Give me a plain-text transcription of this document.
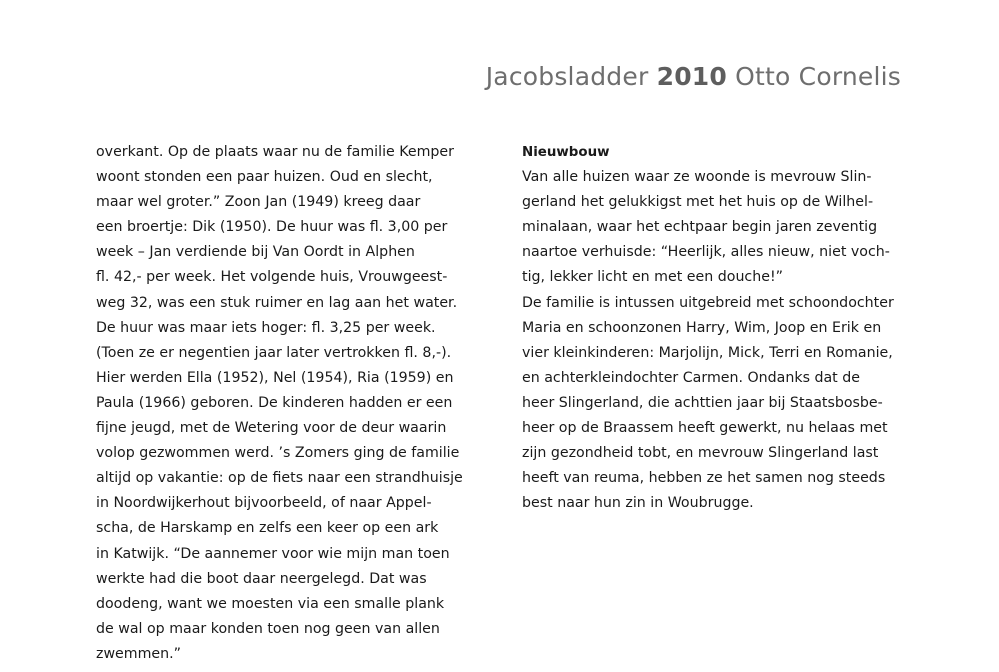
Jacobsladder 2010 Otto Cornelis
overkant. Op de plaats waar nu de familie Kemper
woont stonden een paar huizen. Oud en slecht,
maar wel groter.” Zoon Jan (1949) kreeg daar
een broertje: Dik (1950). De huur was fl. 3,00 per
week – Jan verdiende bij Van Oordt in Alphen
fl. 42,- per week. Het volgende huis, Vrouwgeest-
weg 32, was een stuk ruimer en lag aan het water.
De huur was maar iets hoger: fl. 3,25 per week.
(Toen ze er negentien jaar later vertrokken fl. 8,-).
Hier werden Ella (1952), Nel (1954), Ria (1959) en
Paula (1966) geboren. De kinderen hadden er een
fijne jeugd, met de Wetering voor de deur waarin
volop gezwommen werd. ’s Zomers ging de familie
altijd op vakantie: op de fiets naar een strandhuisje
in Noordwijkerhout bijvoorbeeld, of naar Appel-
scha, de Harskamp en zelfs een keer op een ark
in Katwijk. “De aannemer voor wie mijn man toen
werkte had die boot daar neergelegd. Dat was
doodeng, want we moesten via een smalle plank
de wal op maar konden toen nog geen van allen
zwemmen.”
Nieuwbouw
Van alle huizen waar ze woonde is mevrouw Slin-
gerland het gelukkigst met het huis op de Wilhel-
minalaan, waar het echtpaar begin jaren zeventig
naartoe verhuisde: “Heerlijk, alles nieuw, niet voch-
tig, lekker licht en met een douche!”
De familie is intussen uitgebreid met schoondochter
Maria en schoonzonen Harry, Wim, Joop en Erik en
vier kleinkinderen: Marjolijn, Mick, Terri en Romanie,
en achterkleindochter Carmen. Ondanks dat de
heer Slingerland, die achttien jaar bij Staatsbosbe-
heer op de Braassem heeft gewerkt, nu helaas met
zijn gezondheid tobt, en mevrouw Slingerland last
heeft van reuma, hebben ze het samen nog steeds
best naar hun zin in Woubrugge.
